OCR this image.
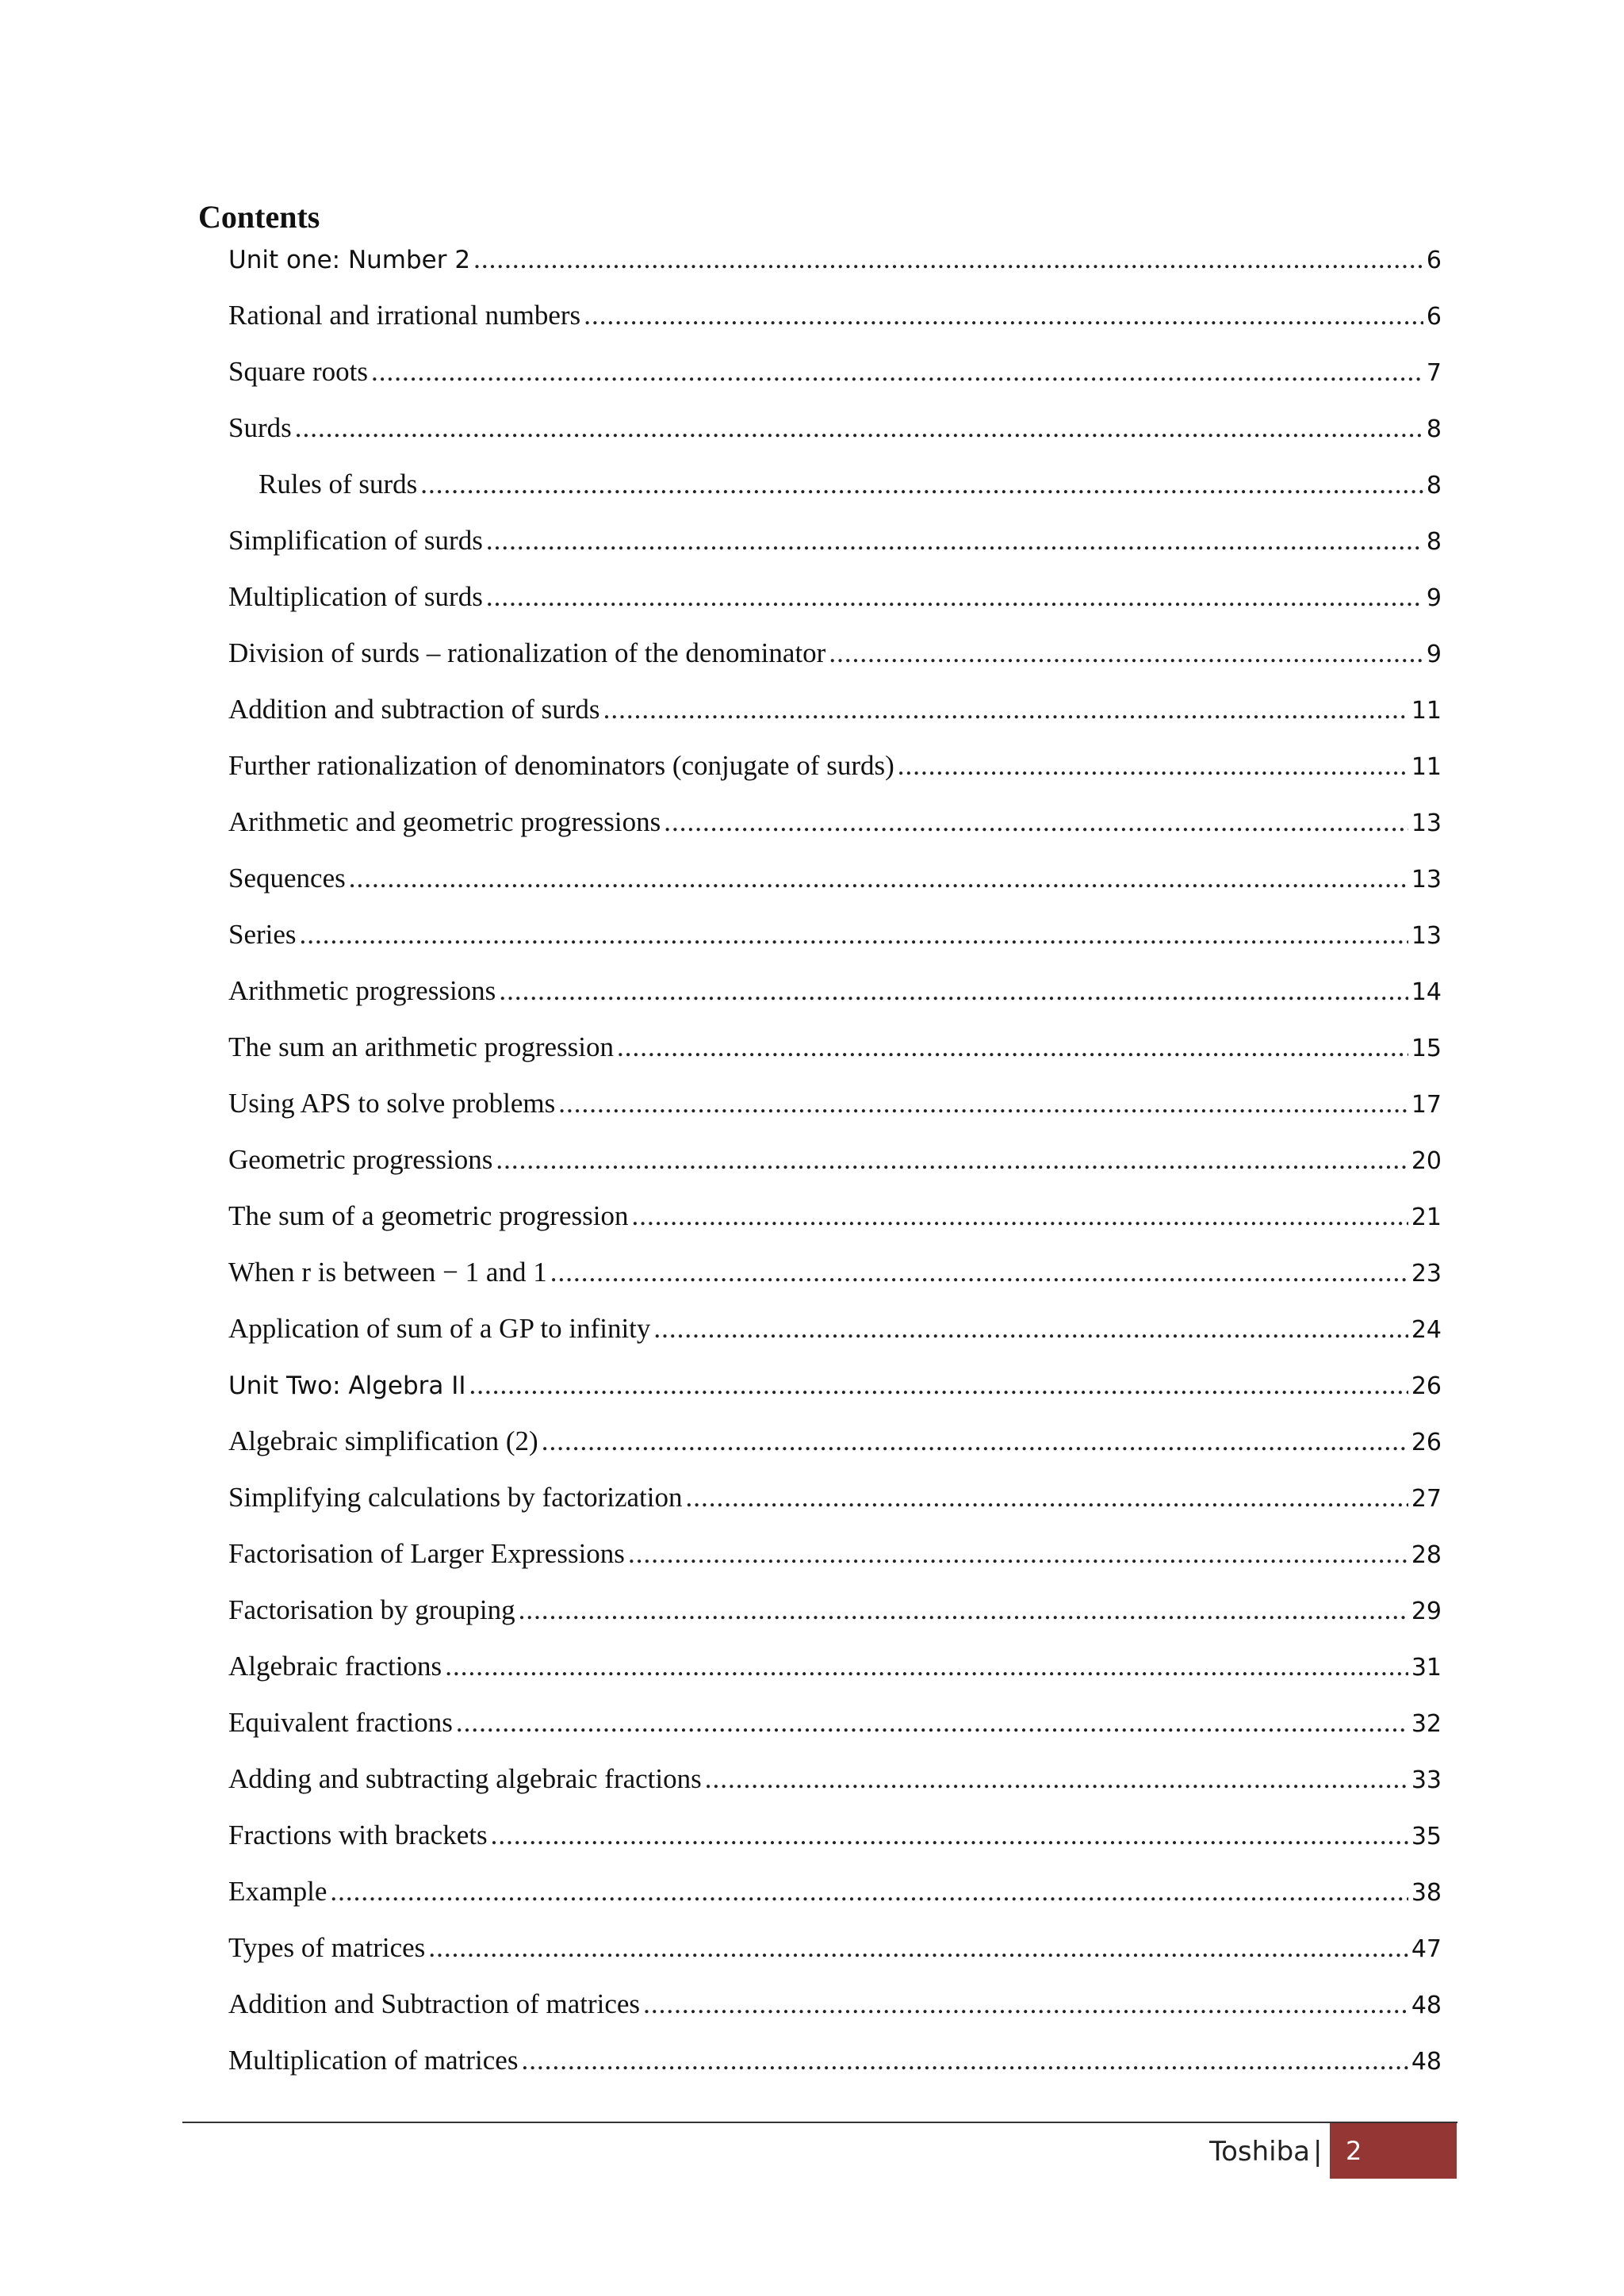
Contents
Unit one: Number 2 .....	6
Rational and irrational numbers .....	6
Square roots .....	7
Surds .....	8
Rules of surds .....	8
Simplification of surds .....	8
Multiplication of surds .....	9
Division of surds – rationalization of the denominator .....	9
Addition and subtraction of surds .....	11
Further rationalization of denominators (conjugate of surds) .....	11
Arithmetic and geometric progressions .....	13
Sequences .....	13
Series .....	13
Arithmetic progressions .....	14
The sum an arithmetic progression .....	15
Using APS to solve problems .....	17
Geometric progressions .....	20
The sum of a geometric progression .....	21
When r is between − 1 and 1 .....	23
Application of sum of a GP to infinity .....	24
Unit Two: Algebra II .....	26
Algebraic simplification (2) .....	26
Simplifying calculations by factorization .....	27
Factorisation of Larger Expressions .....	28
Factorisation by grouping .....	29
Algebraic fractions .....	31
Equivalent fractions .....	32
Adding and subtracting algebraic fractions .....	33
Fractions with brackets .....	35
Example .....	38
Types of matrices .....	47
Addition and Subtraction of matrices .....	48
Multiplication of matrices .....	48
Toshiba | 2
